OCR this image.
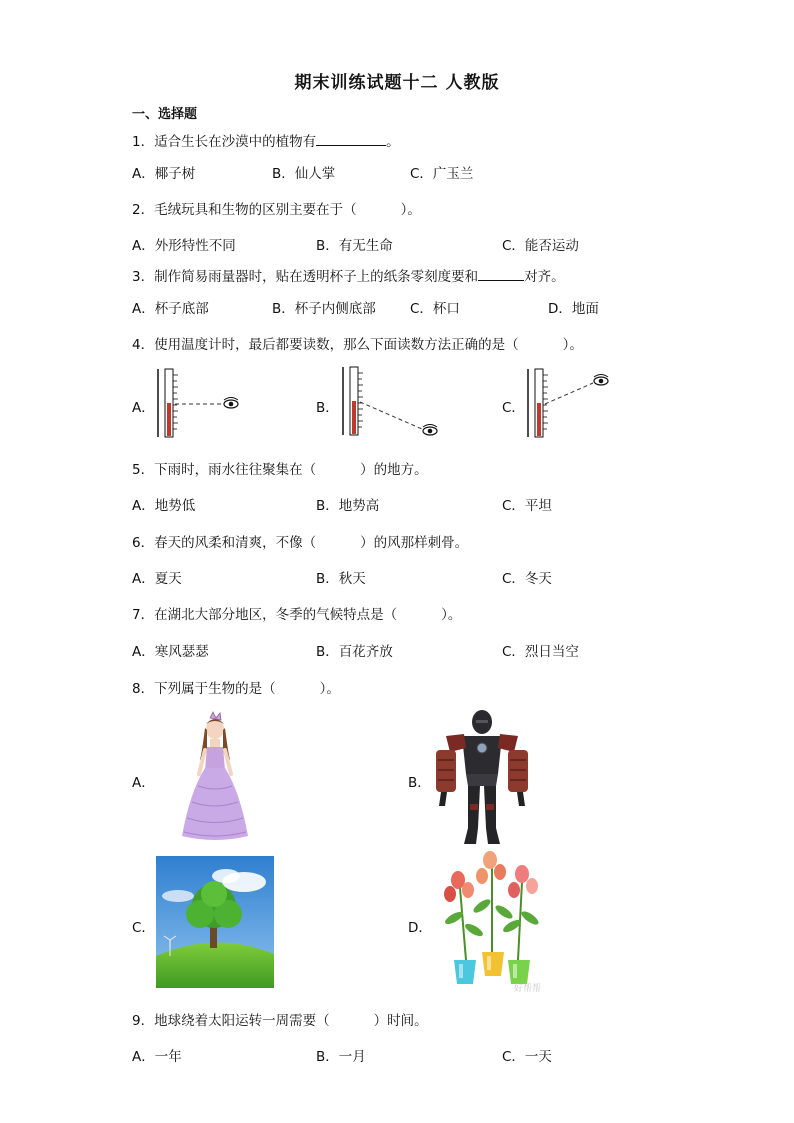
期末训练试题十二 人教版
一、选择题
1．适合生长在沙漠中的植物有	。
A．椰子树	B．仙人掌	C．广玉兰
2．毛绒玩具和生物的区别主要在于（	）。
A．外形特性不同	B．有无生命	C．能否运动
3．制作简易雨量器时，贴在透明杯子上的纸条零刻度要和	对齐。
A．杯子底部	B．杯子内侧底部	C．杯口	D．地面
4．使用温度计时，最后都要读数，那么下面读数方法正确的是（	）。
A．	B．	C．
5．下雨时，雨水往往聚集在（	）的地方。
A．地势低	B．地势高	C．平坦
6．春天的风柔和清爽，不像（	）的风那样刺骨。
A．夏天	B．秋天	C．冬天
7．在湖北大部分地区，冬季的气候特点是（	）。
A．寒风瑟瑟	B．百花齐放	C．烈日当空
8．下列属于生物的是（	）。
A．	B．
C．	D．
好帮帮
9．地球绕着太阳运转一周需要（	）时间。
A．一年	B．一月	C．一天
